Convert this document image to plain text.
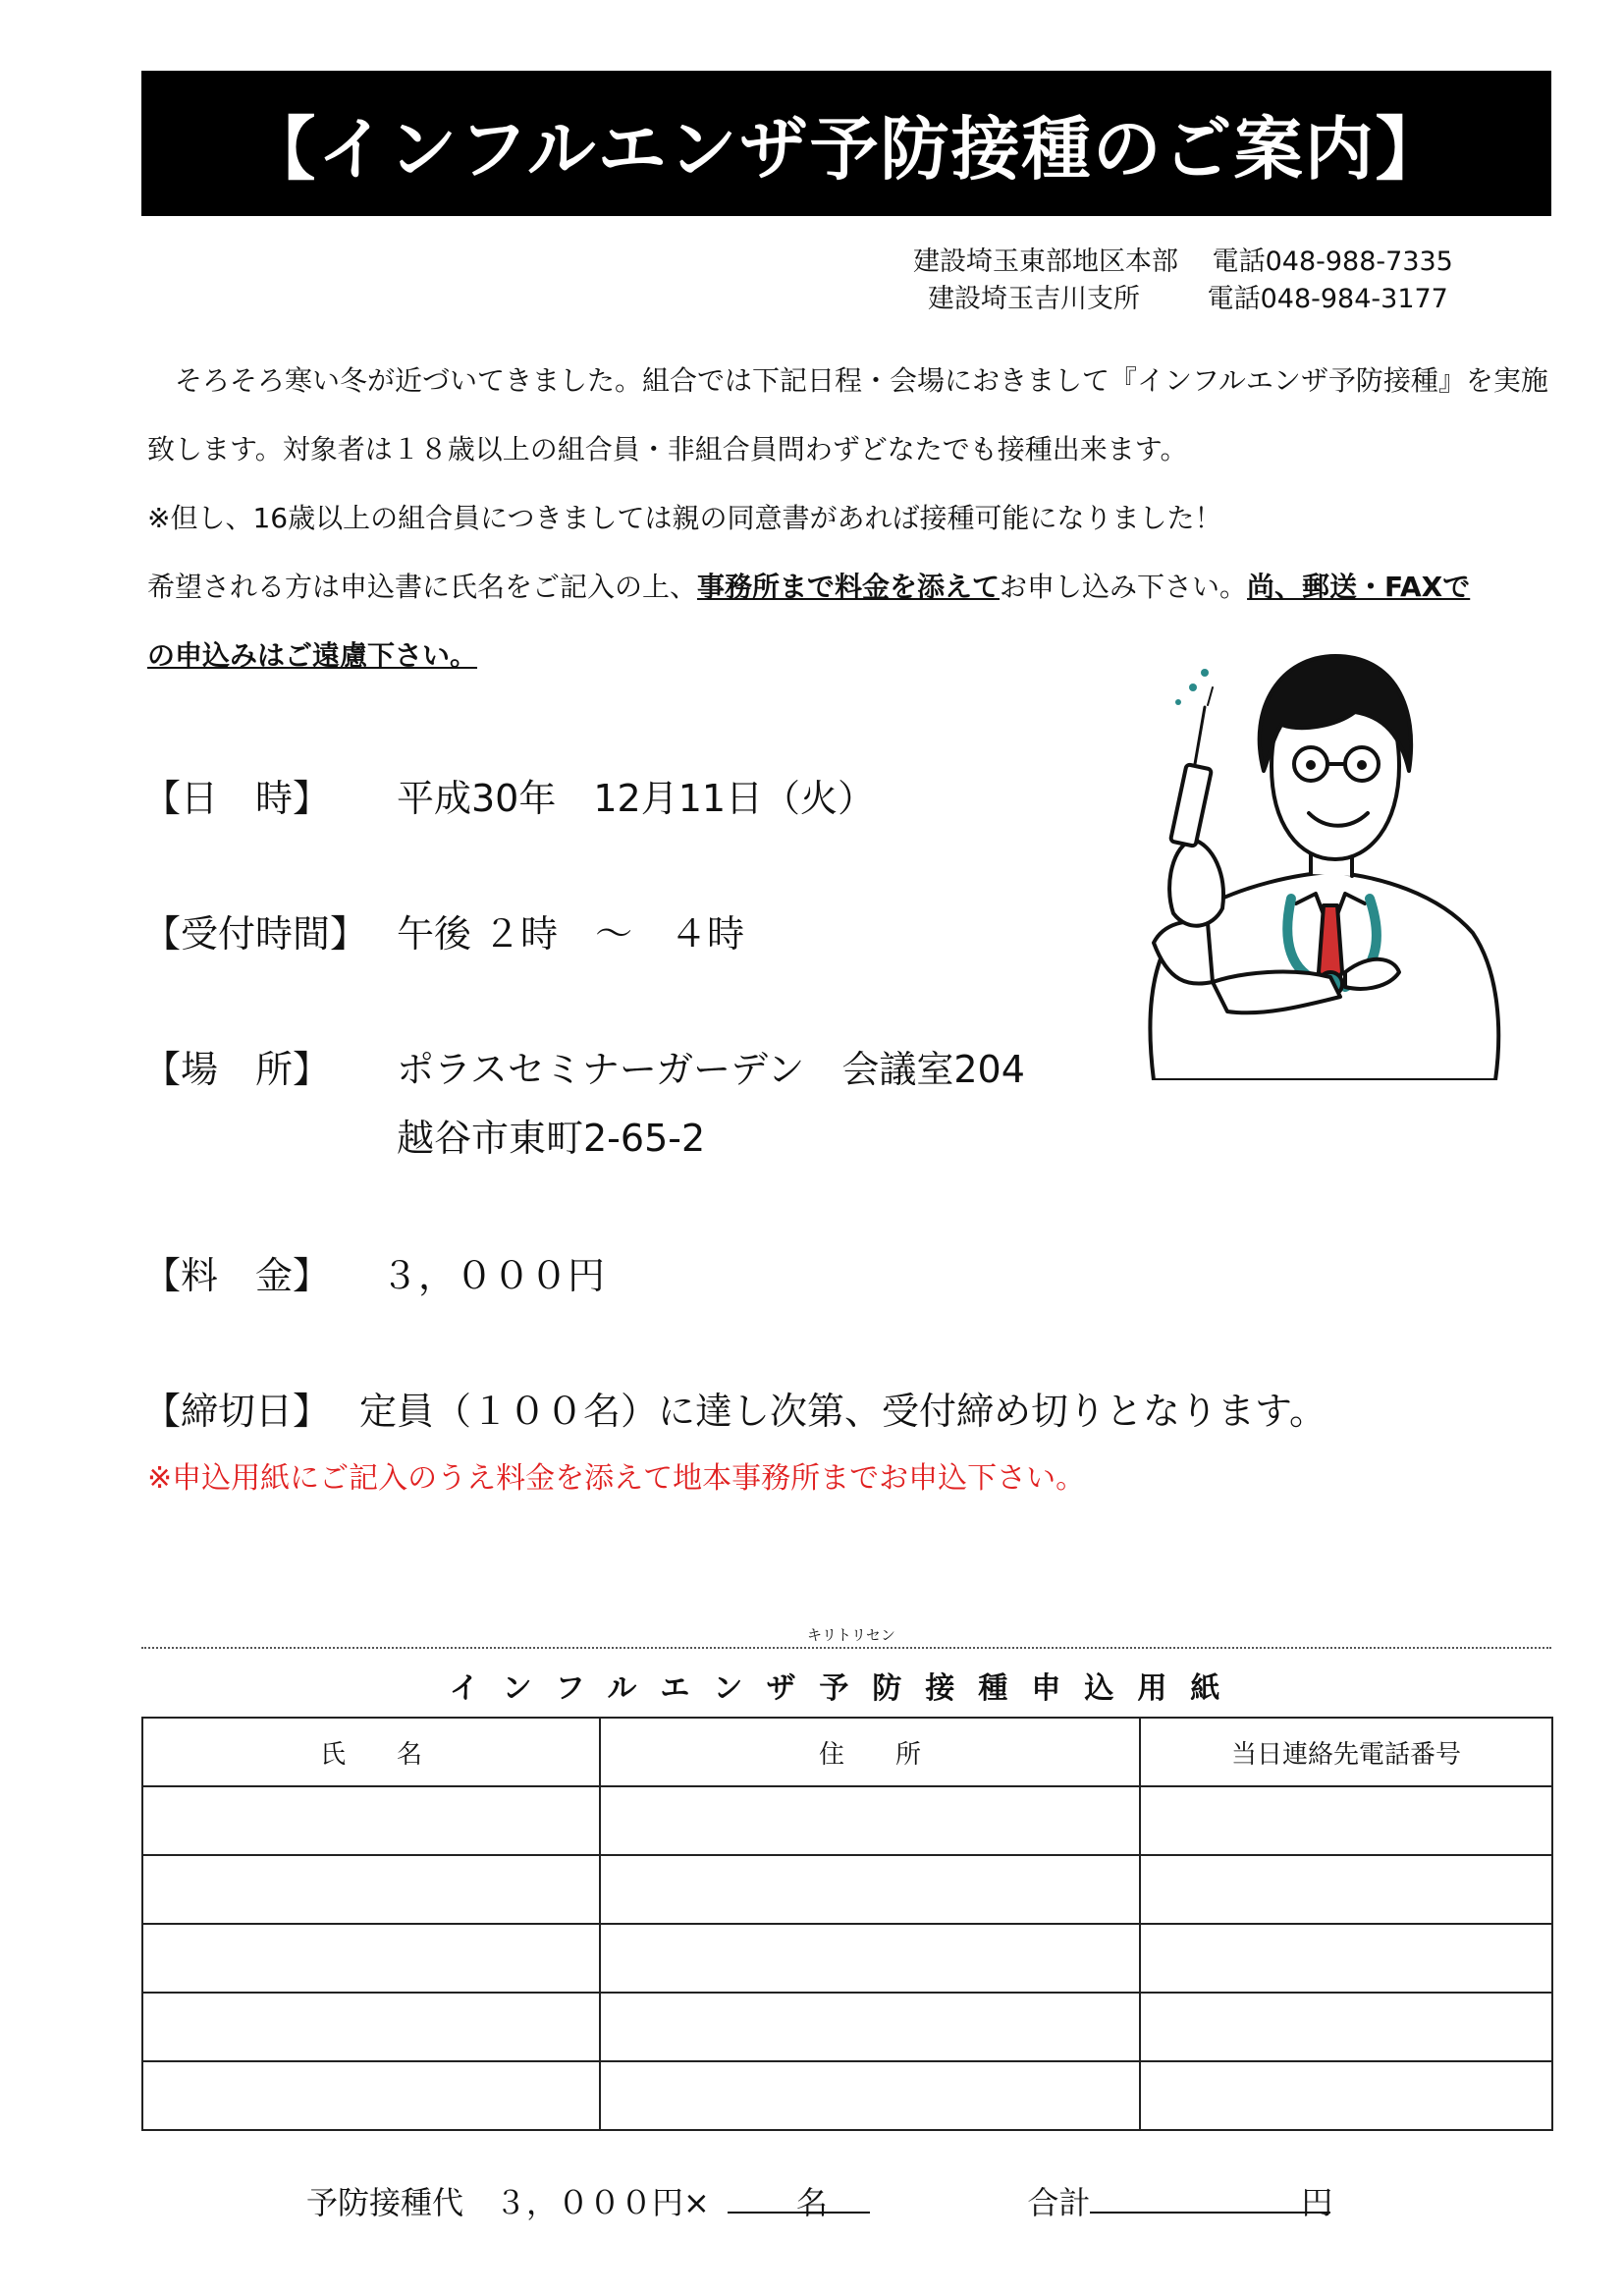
【インフルエンザ予防接種のご案内】
建設埼玉東部地区本部 電話048-988-7335
建設埼玉吉川支所	電話048-984-3177
そろそろ寒い冬が近づいてきました。組合では下記日程・会場におきまして『インフルエンザ予防接種』を実施
致します。対象者は１８歳以上の組合員・非組合員問わずどなたでも接種出来ます。
※但し、16歳以上の組合員につきましては親の同意書があれば接種可能になりました！
希望される方は申込書に氏名をご記入の上、事務所まで料金を添えてお申し込み下さい。尚、郵送・FAXで
の申込みはご遠慮下さい。
【日　時】 平成30年　12月11日（火）
【受付時間】 午後 ２時　～　４時
【場　所】 ポラスセミナーガーデン　会議室204
越谷市東町2-65-2
【料　金】 ３，０００円
【締切日】 定員（１００名）に達し次第、受付締め切りとなります。
※申込用紙にご記入のうえ料金を添えて地本事務所までお申込下さい。
キリトリセン
インフルエンザ予防接種申込用紙
氏　　名	住　　所	当日連絡先電話番号

予防接種代　３，０００円×	名	合計	円
